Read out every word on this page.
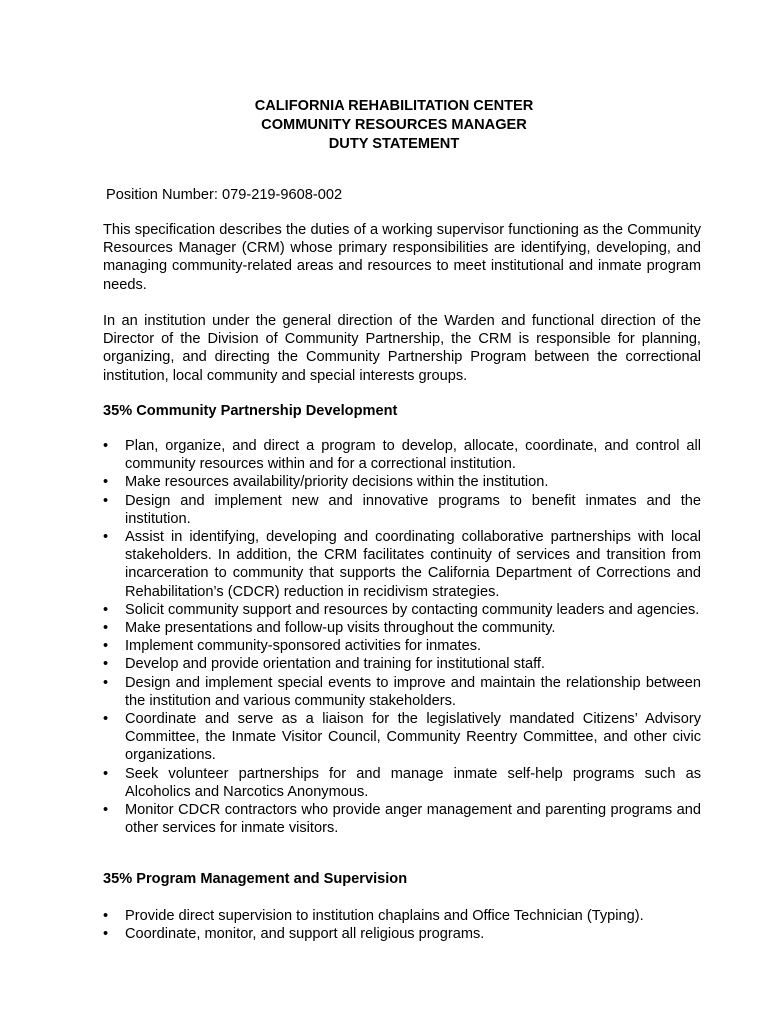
CALIFORNIA REHABILITATION CENTER
COMMUNITY RESOURCES MANAGER
DUTY STATEMENT
Position Number: 079-219-9608-002

This specification describes the duties of a working supervisor functioning as the Community Resources Manager (CRM) whose primary responsibilities are identifying, developing, and managing community-related areas and resources to meet institutional and inmate program needs.

In an institution under the general direction of the Warden and functional direction of the Director of the Division of Community Partnership, the CRM is responsible for planning, organizing, and directing the Community Partnership Program between the correctional institution, local community and special interests groups.

35% Community Partnership Development
•	Plan, organize, and direct a program to develop, allocate, coordinate, and control all community resources within and for a correctional institution.
•	Make resources availability/priority decisions within the institution.
•	Design and implement new and innovative programs to benefit inmates and the institution.
•	Assist in identifying, developing and coordinating collaborative partnerships with local stakeholders. In addition, the CRM facilitates continuity of services and transition from incarceration to community that supports the California Department of Corrections and Rehabilitation’s (CDCR) reduction in recidivism strategies.
•	Solicit community support and resources by contacting community leaders and agencies.
•	Make presentations and follow-up visits throughout the community.
•	Implement community-sponsored activities for inmates.
•	Develop and provide orientation and training for institutional staff.
•	Design and implement special events to improve and maintain the relationship between the institution and various community stakeholders.
•	Coordinate and serve as a liaison for the legislatively mandated Citizens’ Advisory Committee, the Inmate Visitor Council, Community Reentry Committee, and other civic organizations.
•	Seek volunteer partnerships for and manage inmate self-help programs such as Alcoholics and Narcotics Anonymous.
•	Monitor CDCR contractors who provide anger management and parenting programs and other services for inmate visitors.
35% Program Management and Supervision
•	Provide direct supervision to institution chaplains and Office Technician (Typing).
•	Coordinate, monitor, and support all religious programs.
